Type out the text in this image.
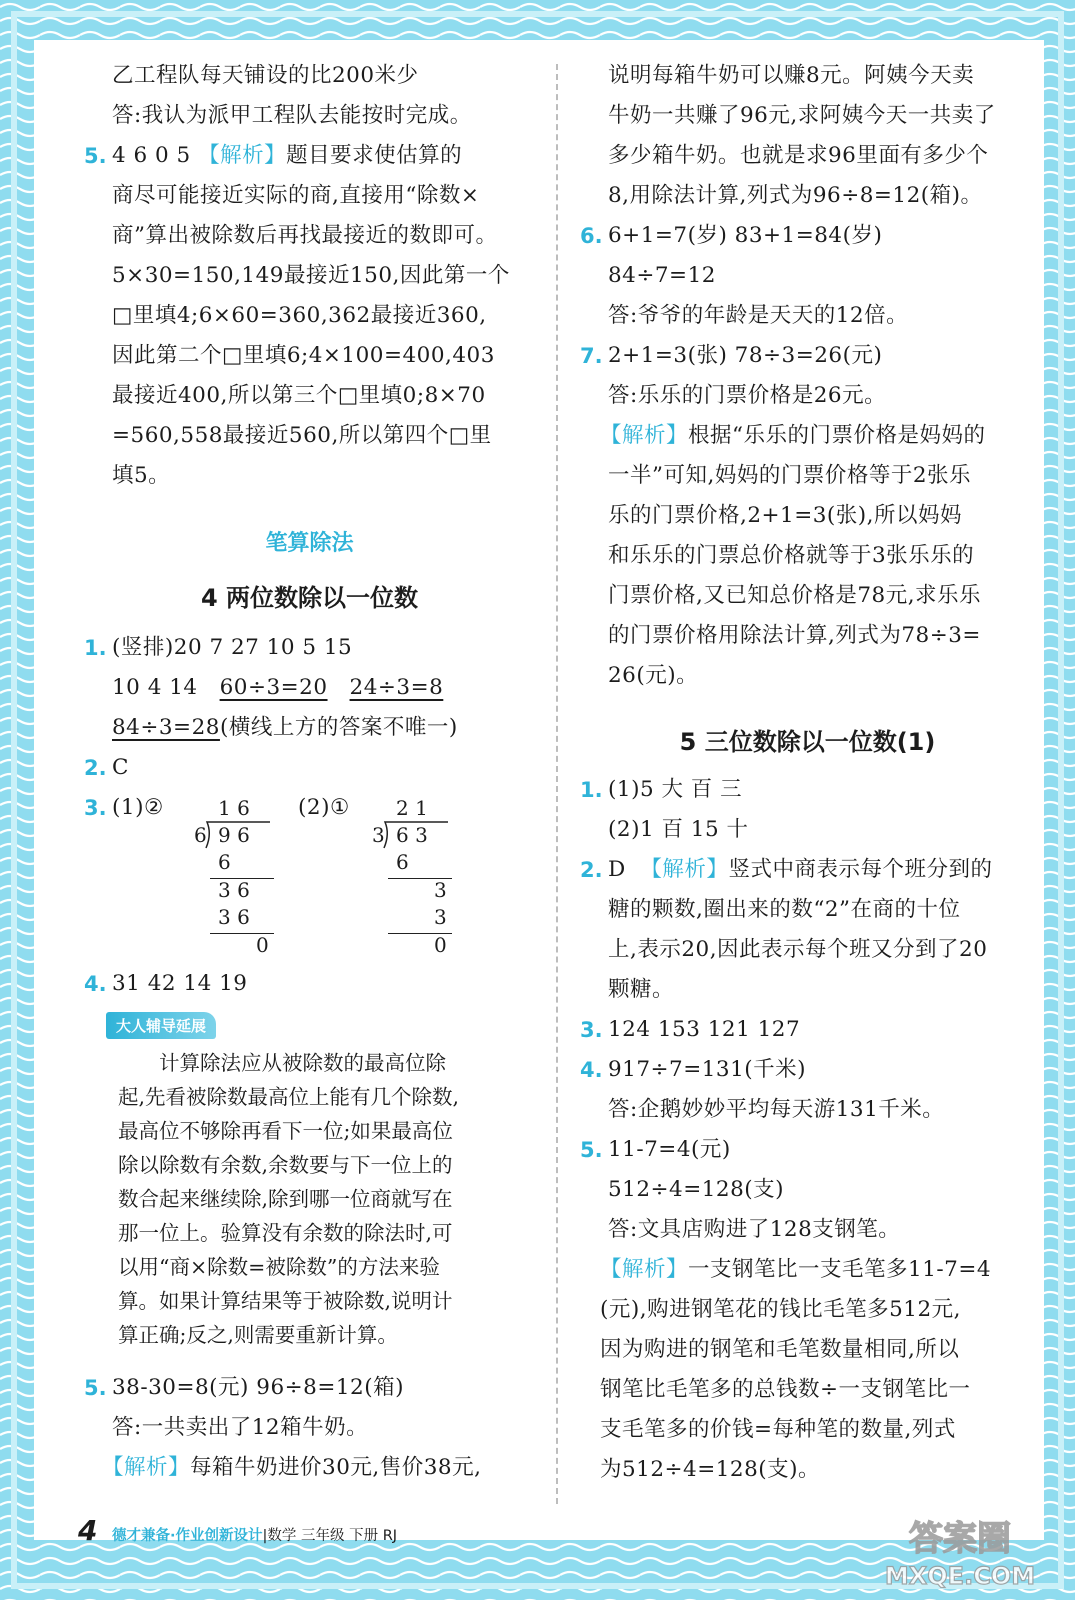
乙工程队每天铺设的比200米少
答:我认为派甲工程队去能按时完成。
5. 4 6 0 5 【解析】题目要求使估算的
商尽可能接近实际的商,直接用“除数×
商”算出被除数后再找最接近的数即可。
5×30=150,149最接近150,因此第一个
□里填4;6×60=360,362最接近360,
因此第二个□里填6;4×100=400,403
最接近400,所以第三个□里填0;8×70
=560,558最接近560,所以第四个□里
填5。
笔算除法
4 两位数除以一位数
1. (竖排)20 7 27 10 5 15
10 4 14 60÷3=20 24÷3=8
84÷3=28(横线上方的答案不唯一)
2. C
3. (1)②	(2)①
1 6
6 9 6
6
3 6
3 6
0
2 1
3 6 3
6
3
3
0
4. 31 42 14 19
大人辅导延展

计算除法应从被除数的最高位除

起,先看被除数最高位上能有几个除数,

最高位不够除再看下一位;如果最高位

除以除数有余数,余数要与下一位上的

数合起来继续除,除到哪一位商就写在

那一位上。验算没有余数的除法时,可

以用“商×除数=被除数”的方法来验

算。如果计算结果等于被除数,说明计

算正确;反之,则需要重新计算。

5. 38-30=8(元) 96÷8=12(箱)
答:一共卖出了12箱牛奶。
【解析】每箱牛奶进价30元,售价38元,
说明每箱牛奶可以赚8元。阿姨今天卖
牛奶一共赚了96元,求阿姨今天一共卖了
多少箱牛奶。也就是求96里面有多少个
8,用除法计算,列式为96÷8=12(箱)。
6. 6+1=7(岁) 83+1=84(岁)
84÷7=12
答:爷爷的年龄是天天的12倍。
7. 2+1=3(张) 78÷3=26(元)
答:乐乐的门票价格是26元。
【解析】根据“乐乐的门票价格是妈妈的
一半”可知,妈妈的门票价格等于2张乐
乐的门票价格,2+1=3(张),所以妈妈
和乐乐的门票总价格就等于3张乐乐的
门票价格,又已知总价格是78元,求乐乐
的门票价格用除法计算,列式为78÷3=
26(元)。
5 三位数除以一位数(1)
1. (1)5 大 百 三
(2)1 百 15 十
2. D 【解析】竖式中商表示每个班分到的
糖的颗数,圈出来的数“2”在商的十位
上,表示20,因此表示每个班又分到了20
颗糖。
3. 124 153 121 127
4. 917÷7=131(千米)
答:企鹅妙妙平均每天游131千米。
5. 11-7=4(元)
512÷4=128(支)
答:文具店购进了128支钢笔。
【解析】一支钢笔比一支毛笔多11-7=4
(元),购进钢笔花的钱比毛笔多512元,
因为购进的钢笔和毛笔数量相同,所以
钢笔比毛笔多的总钱数÷一支钢笔比一
支毛笔多的价钱=每种笔的数量,列式
为512÷4=128(支)。
4 德才兼备·作业创新设计|数学 三年级 下册 RJ	答案圈
MXQE.COM
